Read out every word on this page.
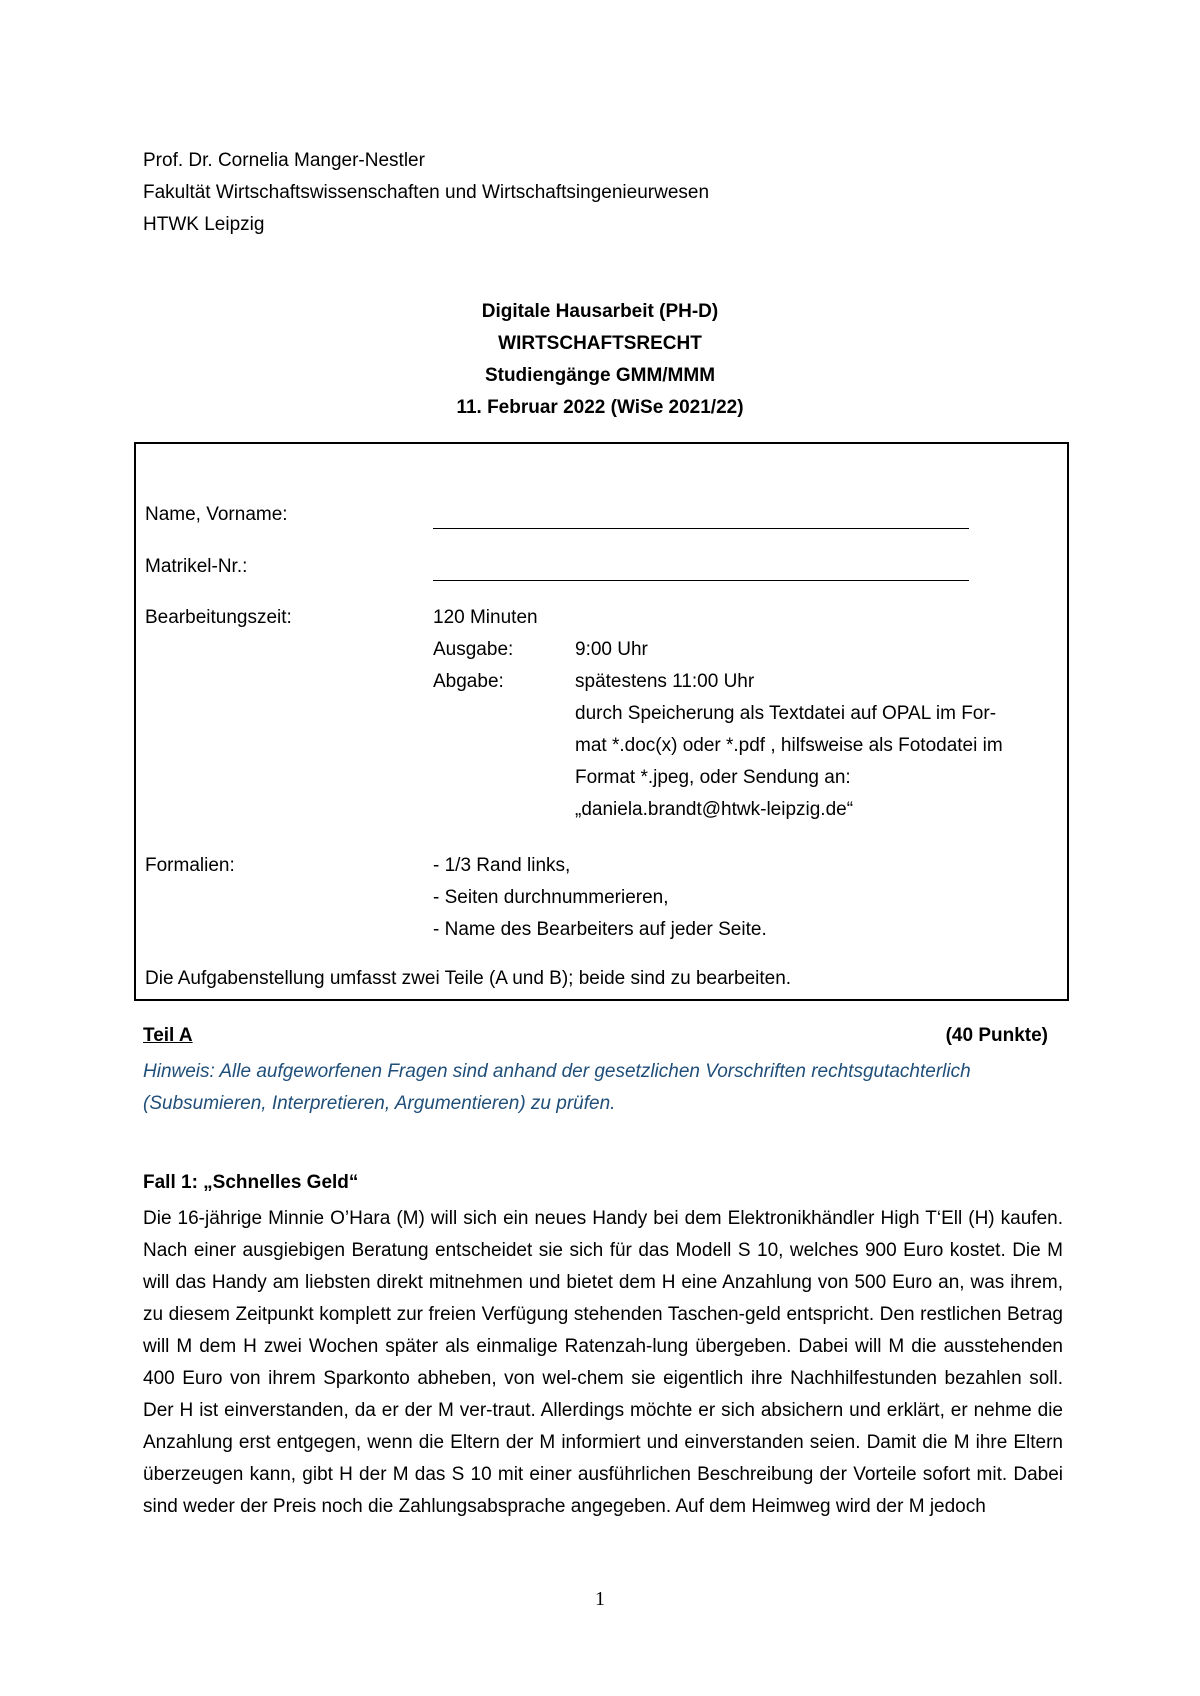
Prof. Dr. Cornelia Manger-Nestler
Fakultät Wirtschaftswissenschaften und Wirtschaftsingenieurwesen
HTWK Leipzig
Digitale Hausarbeit (PH-D)
WIRTSCHAFTSRECHT
Studiengänge GMM/MMM
11. Februar 2022 (WiSe 2021/22)
Name, Vorname:
Matrikel-Nr.:
Bearbeitungszeit:	120 Minuten
Ausgabe:	9:00 Uhr
Abgabe:	spätestens 11:00 Uhr
durch Speicherung als Textdatei auf OPAL im For-
mat *.doc(x) oder *.pdf , hilfsweise als Fotodatei im
Format *.jpeg, oder Sendung an:
„daniela.brandt@htwk-leipzig.de“
Formalien:	- 1/3 Rand links,
- Seiten durchnummerieren,
- Name des Bearbeiters auf jeder Seite.
Die Aufgabenstellung umfasst zwei Teile (A und B); beide sind zu bearbeiten.
Teil A	(40 Punkte)
Hinweis: Alle aufgeworfenen Fragen sind anhand der gesetzlichen Vorschriften rechtsgutachterlich (Subsumieren, Interpretieren, Argumentieren) zu prüfen.
Fall 1: „Schnelles Geld“
Die 16-jährige Minnie O’Hara (M) will sich ein neues Handy bei dem Elektronikhändler High T‘Ell (H) kaufen. Nach einer ausgiebigen Beratung entscheidet sie sich für das Modell S 10, welches 900 Euro kostet. Die M will das Handy am liebsten direkt mitnehmen und bietet dem H eine Anzahlung von 500 Euro an, was ihrem, zu diesem Zeitpunkt komplett zur freien Verfügung stehenden Taschen-geld entspricht. Den restlichen Betrag will M dem H zwei Wochen später als einmalige Ratenzah-lung übergeben. Dabei will M die ausstehenden 400 Euro von ihrem Sparkonto abheben, von wel-chem sie eigentlich ihre Nachhilfestunden bezahlen soll. Der H ist einverstanden, da er der M ver-traut. Allerdings möchte er sich absichern und erklärt, er nehme die Anzahlung erst entgegen, wenn die Eltern der M informiert und einverstanden seien. Damit die M ihre Eltern überzeugen kann, gibt H der M das S 10 mit einer ausführlichen Beschreibung der Vorteile sofort mit. Dabei sind weder der Preis noch die Zahlungsabsprache angegeben. Auf dem Heimweg wird der M jedoch
1
